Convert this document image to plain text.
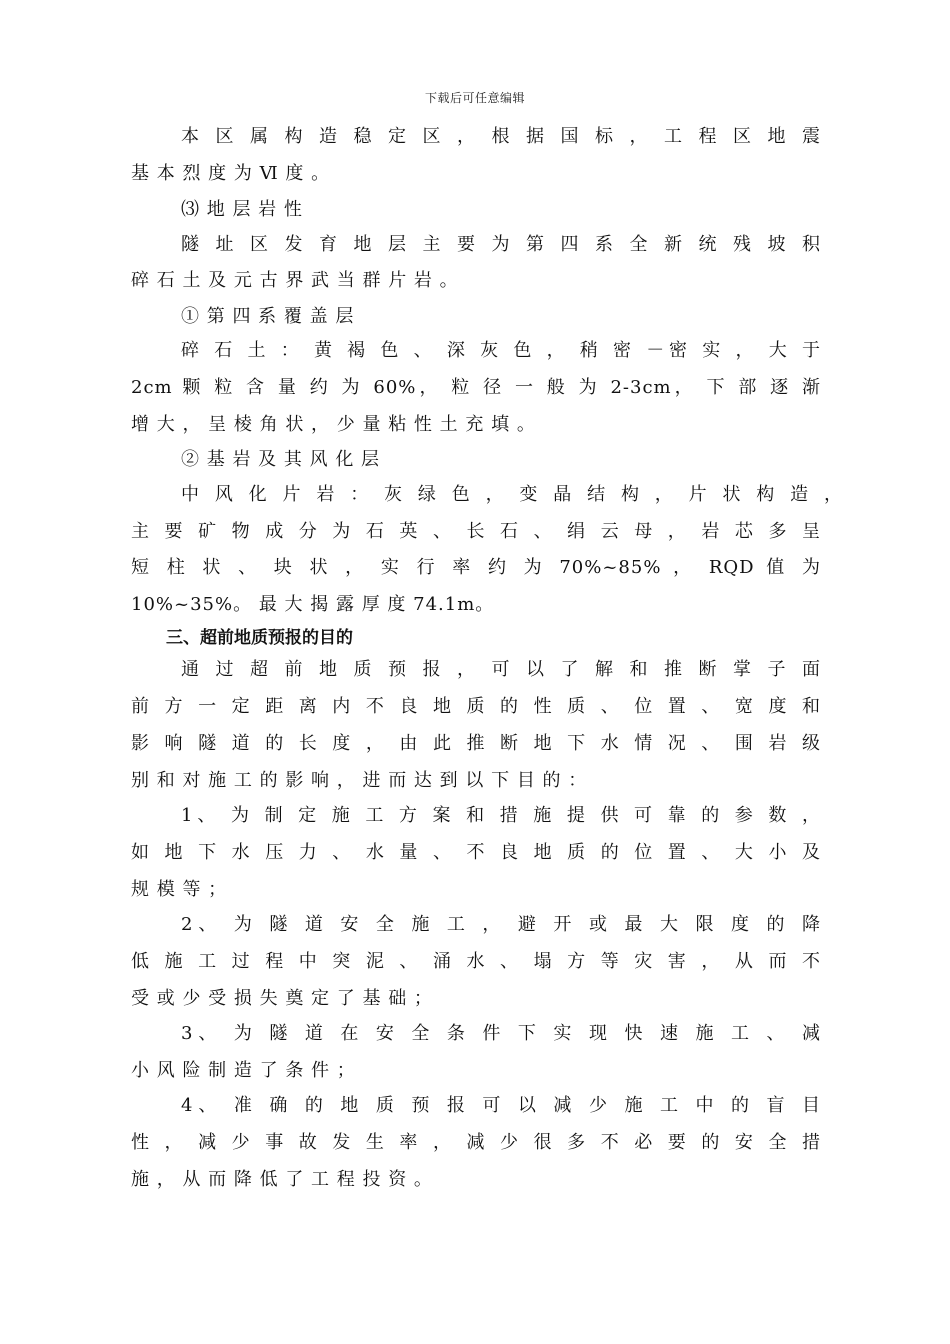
下载后可任意编辑
本 区 属 构 造 稳 定 区 ， 根 据 国 标 ， 工 程 区 地 震
基 本 烈 度 为 Ⅵ 度 。
⑶ 地 层 岩 性
隧 址 区 发 育 地 层 主 要 为 第 四 系 全 新 统 残 坡 积
碎 石 土 及 元 古 界 武 当 群 片 岩 。
① 第 四 系 覆 盖 层
碎 石 土 ： 黄 褐 色 、 深 灰 色 ， 稍 密 －密 实 ， 大 于
2cm 颗 粒 含 量 约 为 60%， 粒 径 一 般 为 2-3cm， 下 部 逐 渐
增 大 ， 呈 棱 角 状 ， 少 量 粘 性 土 充 填 。
② 基 岩 及 其 风 化 层
中 风 化 片 岩 ： 灰 绿 色 ， 变 晶 结 构 ， 片 状 构 造 ，
主 要 矿 物 成 分 为 石 英 、 长 石 、 绢 云 母 ， 岩 芯 多 呈
短 柱 状 、 块 状 ， 实 行 率 约 为 70%~85% ， RQD 值 为
10%~35%。 最 大 揭 露 厚 度 74.1m。
三、超前地质预报的目的
通 过 超 前 地 质 预 报 ， 可 以 了 解 和 推 断 掌 子 面
前 方 一 定 距 离 内 不 良 地 质 的 性 质 、 位 置 、 宽 度 和
影 响 隧 道 的 长 度 ， 由 此 推 断 地 下 水 情 况 、 围 岩 级
别 和 对 施 工 的 影 响 ， 进 而 达 到 以 下 目 的 ：
1、 为 制 定 施 工 方 案 和 措 施 提 供 可 靠 的 参 数 ，
如 地 下 水 压 力 、 水 量 、 不 良 地 质 的 位 置 、 大 小 及
规 模 等 ；
2、 为 隧 道 安 全 施 工 ， 避 开 或 最 大 限 度 的 降
低 施 工 过 程 中 突 泥 、 涌 水 、 塌 方 等 灾 害 ， 从 而 不
受 或 少 受 损 失 奠 定 了 基 础 ；
3、 为 隧 道 在 安 全 条 件 下 实 现 快 速 施 工 、 减
小 风 险 制 造 了 条 件 ；
4、 准 确 的 地 质 预 报 可 以 减 少 施 工 中 的 盲 目
性 ， 减 少 事 故 发 生 率 ， 减 少 很 多 不 必 要 的 安 全 措
施 ， 从 而 降 低 了 工 程 投 资 。
